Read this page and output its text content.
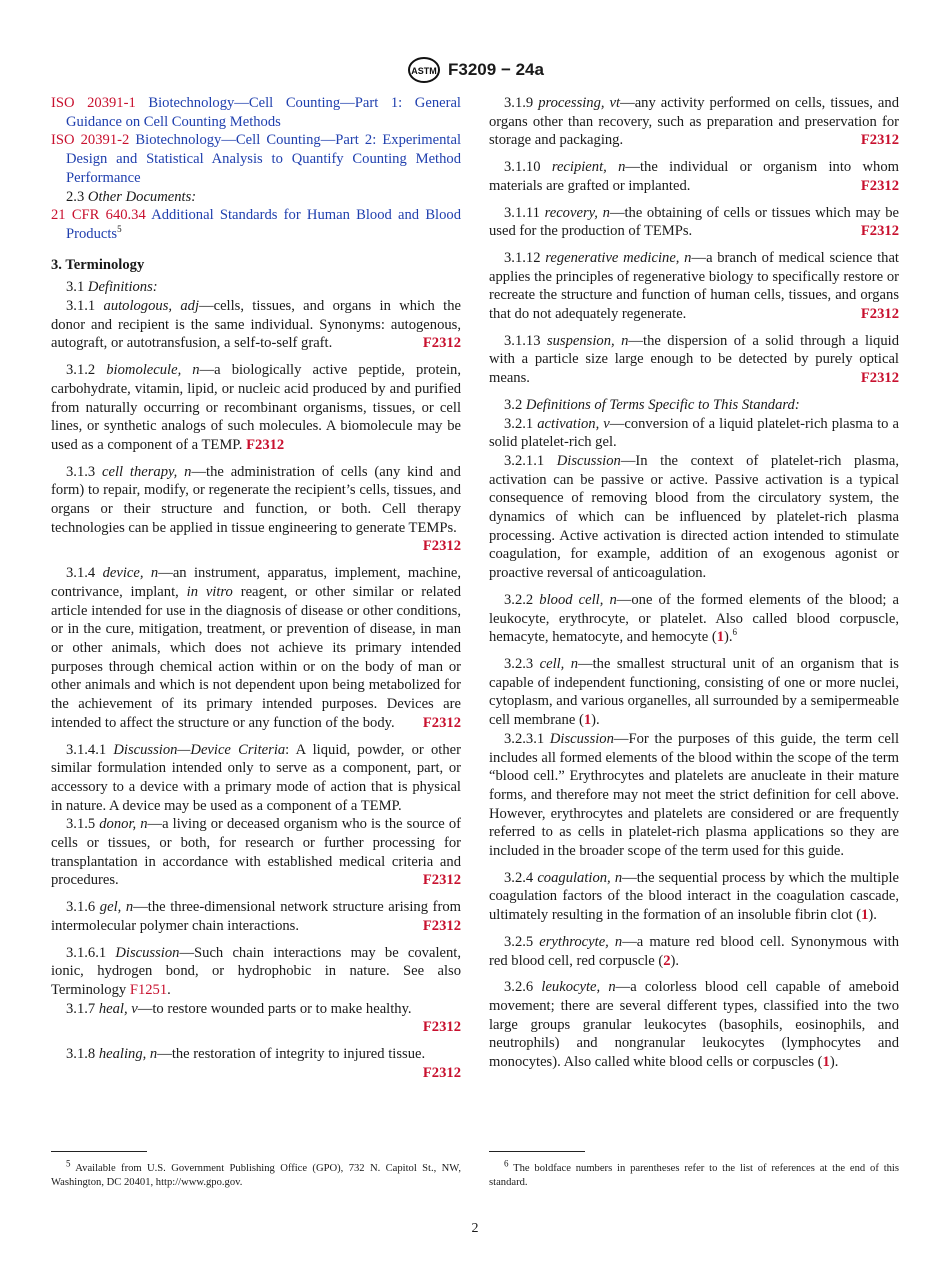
ASTM F3209 − 24a

ISO 20391-1 Biotechnology—Cell Counting—Part 1: General Guidance on Cell Counting Methods

ISO 20391-2 Biotechnology—Cell Counting—Part 2: Experimental Design and Statistical Analysis to Quantify Counting Method Performance

2.3 Other Documents:

21 CFR 640.34 Additional Standards for Human Blood and Blood Products$^5$

3. Terminology

3.1 Definitions:

3.1.1 autologous, adj—cells, tissues, and organs in which the donor and recipient is the same individual. Synonyms: autogenous, autograft, or autotransfusion, a self-to-self graft.	F2312

3.1.2 biomolecule, n—a biologically active peptide, protein, carbohydrate, vitamin, lipid, or nucleic acid produced by and purified from naturally occurring or recombinant organisms, tissues, or cell lines, or synthetic analogs of such molecules. A biomolecule may be used as a component of a TEMP. F2312

3.1.3 cell therapy, n—the administration of cells (any kind and form) to repair, modify, or regenerate the recipient’s cells, tissues, and organs or their structure and function, or both. Cell therapy technologies can be applied in tissue engineering to generate TEMPs.
F2312

3.1.4 device, n—an instrument, apparatus, implement, machine, contrivance, implant, in vitro reagent, or other similar or related article intended for use in the diagnosis of disease or other conditions, or in the cure, mitigation, treatment, or prevention of disease, in man or other animals, which does not achieve its primary intended purposes through chemical action within or on the body of man or other animals and which is not dependent upon being metabolized for the achievement of its primary intended purposes. Devices are intended to affect the structure or any function of the body.	F2312

3.1.4.1 Discussion—Device Criteria: A liquid, powder, or other similar formulation intended only to serve as a component, part, or accessory to a device with a primary mode of action that is physical in nature. A device may be used as a component of a TEMP.

3.1.5 donor, n—a living or deceased organism who is the source of cells or tissues, or both, for research or further processing for transplantation in accordance with established medical criteria and procedures.	F2312

3.1.6 gel, n—the three-dimensional network structure arising from intermolecular polymer chain interactions.	F2312

3.1.6.1 Discussion—Such chain interactions may be covalent, ionic, hydrogen bond, or hydrophobic in nature. See also Terminology F1251.

3.1.7 heal, v—to restore wounded parts or to make healthy.
F2312

3.1.8 healing, n—the restoration of integrity to injured tissue.
F2312

3.1.9 processing, vt—any activity performed on cells, tissues, and organs other than recovery, such as preparation and preservation for storage and packaging.	F2312

3.1.10 recipient, n—the individual or organism into whom materials are grafted or implanted.	F2312

3.1.11 recovery, n—the obtaining of cells or tissues which may be used for the production of TEMPs.	F2312

3.1.12 regenerative medicine, n—a branch of medical science that applies the principles of regenerative biology to specifically restore or recreate the structure and function of human cells, tissues, and organs that do not adequately regenerate.	F2312

3.1.13 suspension, n—the dispersion of a solid through a liquid with a particle size large enough to be detected by purely optical means.	F2312

3.2 Definitions of Terms Specific to This Standard:

3.2.1 activation, v—conversion of a liquid platelet-rich plasma to a solid platelet-rich gel.

3.2.1.1 Discussion—In the context of platelet-rich plasma, activation can be passive or active. Passive activation is a typical consequence of removing blood from the circulatory system, the dynamics of which can be influenced by platelet-rich plasma processing. Active activation is directed action intended to stimulate coagulation, for example, addition of an exogenous agonist or proactive reversal of anticoagulation.

3.2.2 blood cell, n—one of the formed elements of the blood; a leukocyte, erythrocyte, or platelet. Also called blood corpuscle, hemacyte, hematocyte, and hemocyte (1).$^6$

3.2.3 cell, n—the smallest structural unit of an organism that is capable of independent functioning, consisting of one or more nuclei, cytoplasm, and various organelles, all surrounded by a semipermeable cell membrane (1).

3.2.3.1 Discussion—For the purposes of this guide, the term cell includes all formed elements of the blood within the scope of the term “blood cell.” Erythrocytes and platelets are anucleate in their mature forms, and therefore may not meet the strict definition for cell above. However, erythrocytes and platelets are considered or are frequently referred to as cells in platelet-rich plasma applications so they are included in the broader scope of the term used for this guide.

3.2.4 coagulation, n—the sequential process by which the multiple coagulation factors of the blood interact in the coagulation cascade, ultimately resulting in the formation of an insoluble fibrin clot (1).

3.2.5 erythrocyte, n—a mature red blood cell. Synonymous with red blood cell, red corpuscle (2).

3.2.6 leukocyte, n—a colorless blood cell capable of ameboid movement; there are several different types, classified into the two large groups granular leukocytes (basophils, eosinophils, and neutrophils) and nongranular leukocytes (lymphocytes and monocytes). Also called white blood cells or corpuscles (1).

$^5$ Available from U.S. Government Publishing Office (GPO), 732 N. Capitol St., NW, Washington, DC 20401, http://www.gpo.gov.

$^6$ The boldface numbers in parentheses refer to the list of references at the end of this standard.

2
